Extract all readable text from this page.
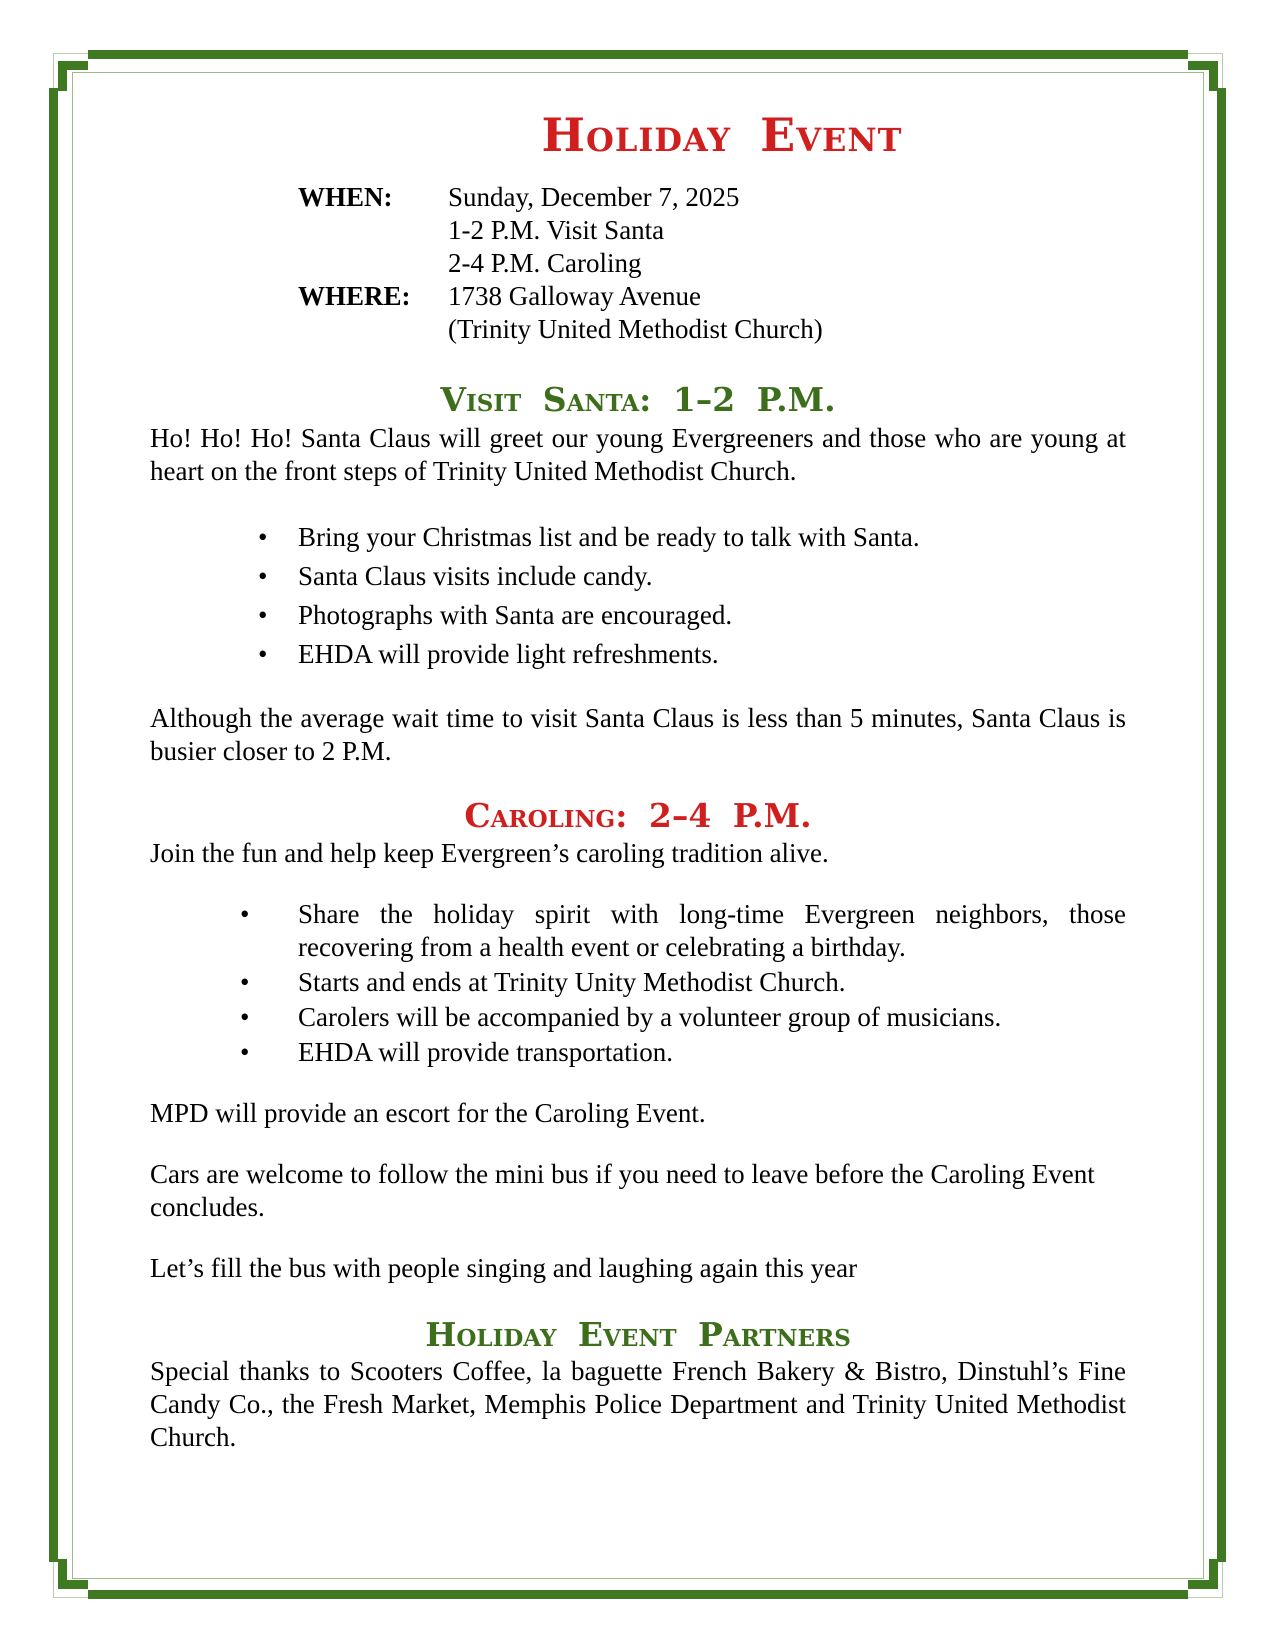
Holiday Event
WHEN:	Sunday, December 7, 2025
	1-2 P.M. Visit Santa
	2-4 P.M. Caroling
WHERE:	1738 Galloway Avenue
	(Trinity United Methodist Church)
Visit Santa: 1–2 P.M.

Ho! Ho! Ho! Santa Claus will greet our young Evergreeners and those who are young at heart on the front steps of Trinity United Methodist Church.

• Bring your Christmas list and be ready to talk with Santa.
• Santa Claus visits include candy.
• Photographs with Santa are encouraged.
• EHDA will provide light refreshments.

Although the average wait time to visit Santa Claus is less than 5 minutes, Santa Claus is busier closer to 2 P.M.

Caroling: 2–4 P.M.

Join the fun and help keep Evergreen’s caroling tradition alive.

• Share the holiday spirit with long-time Evergreen neighbors, those recovering from a health event or celebrating a birthday.
• Starts and ends at Trinity Unity Methodist Church.
• Carolers will be accompanied by a volunteer group of musicians.
• EHDA will provide transportation.

MPD will provide an escort for the Caroling Event.

Cars are welcome to follow the mini bus if you need to leave before the Caroling Event concludes.

Let’s fill the bus with people singing and laughing again this year

Holiday Event Partners

Special thanks to Scooters Coffee, la baguette French Bakery & Bistro, Dinstuhl’s Fine Candy Co., the Fresh Market, Memphis Police Department and Trinity United Methodist Church.
